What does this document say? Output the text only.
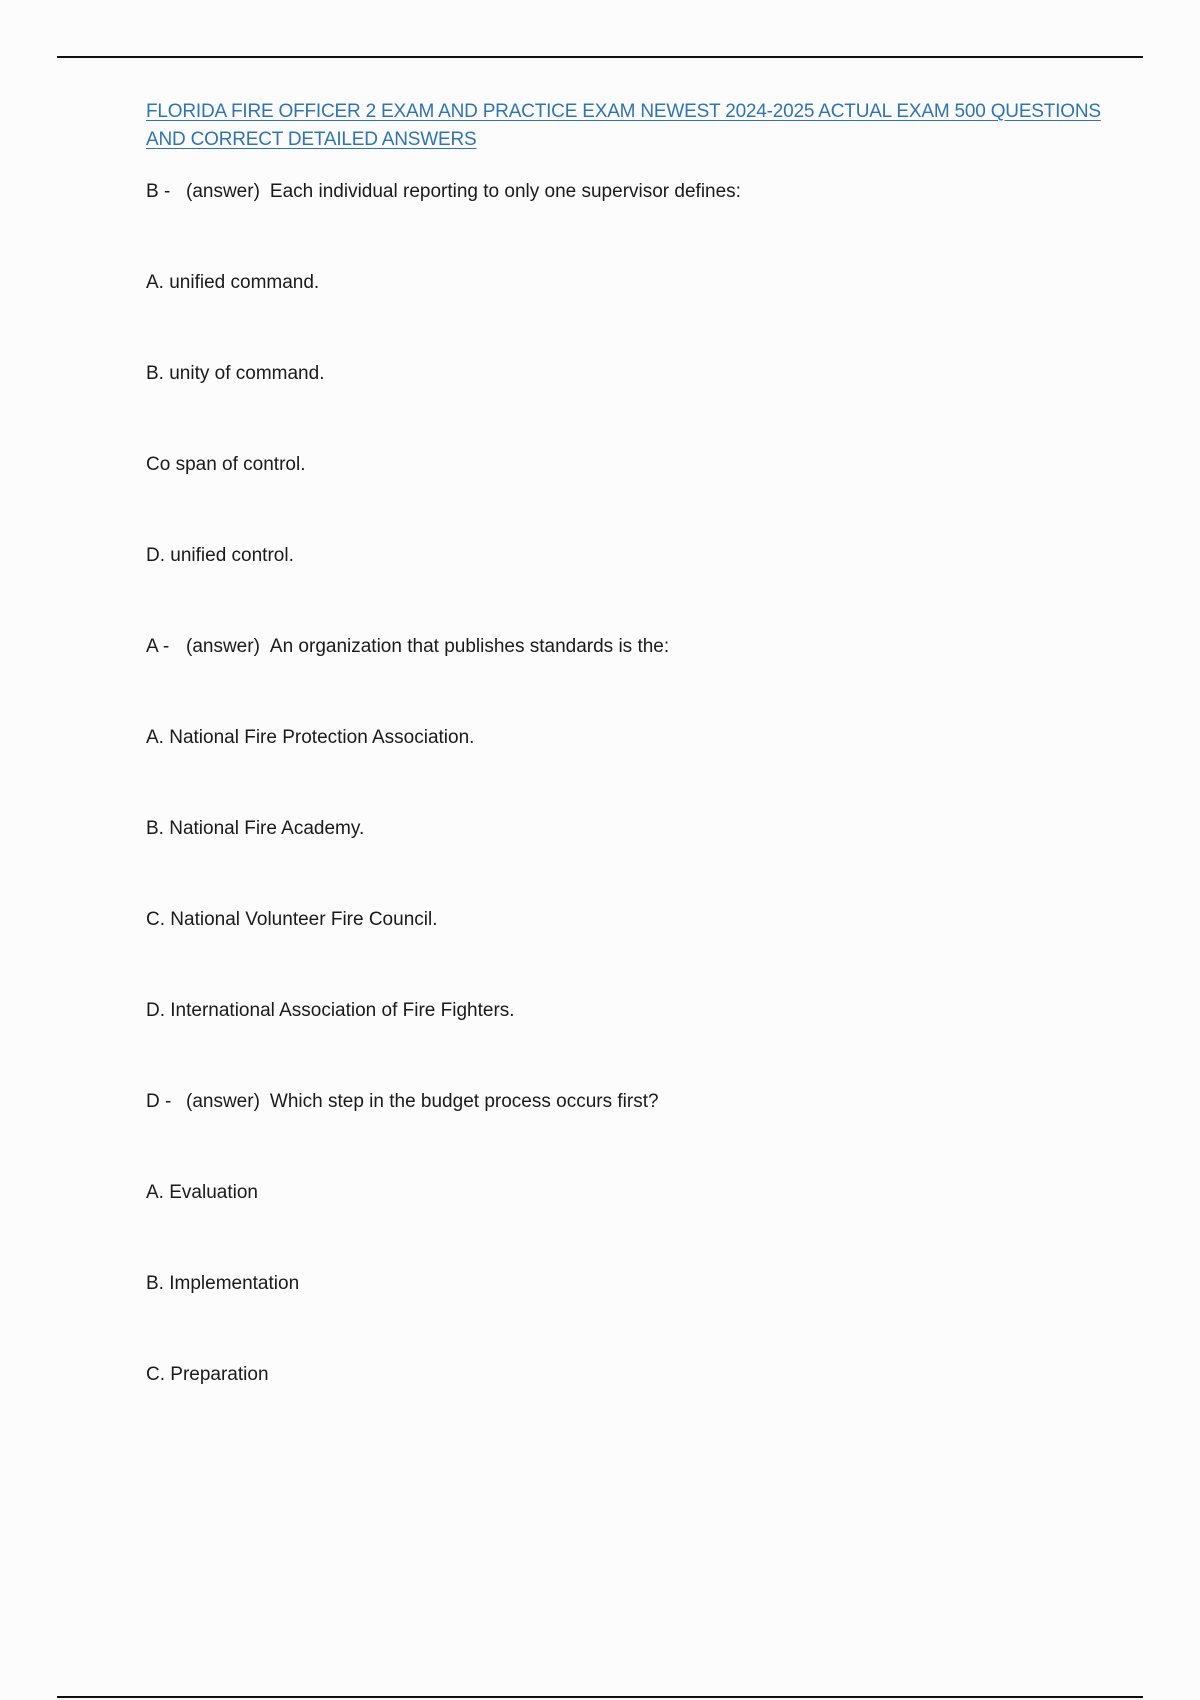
FLORIDA FIRE OFFICER 2 EXAM AND PRACTICE EXAM NEWEST 2024-2025 ACTUAL EXAM 500 QUESTIONS AND CORRECT DETAILED ANSWERS

B - (answer) Each individual reporting to only one supervisor defines:

A. unified command.

B. unity of command.

Co span of control.

D. unified control.

A - (answer) An organization that publishes standards is the:

A. National Fire Protection Association.

B. National Fire Academy.

C. National Volunteer Fire Council.

D. International Association of Fire Fighters.

D - (answer) Which step in the budget process occurs first?

A. Evaluation

B. Implementation

C. Preparation
